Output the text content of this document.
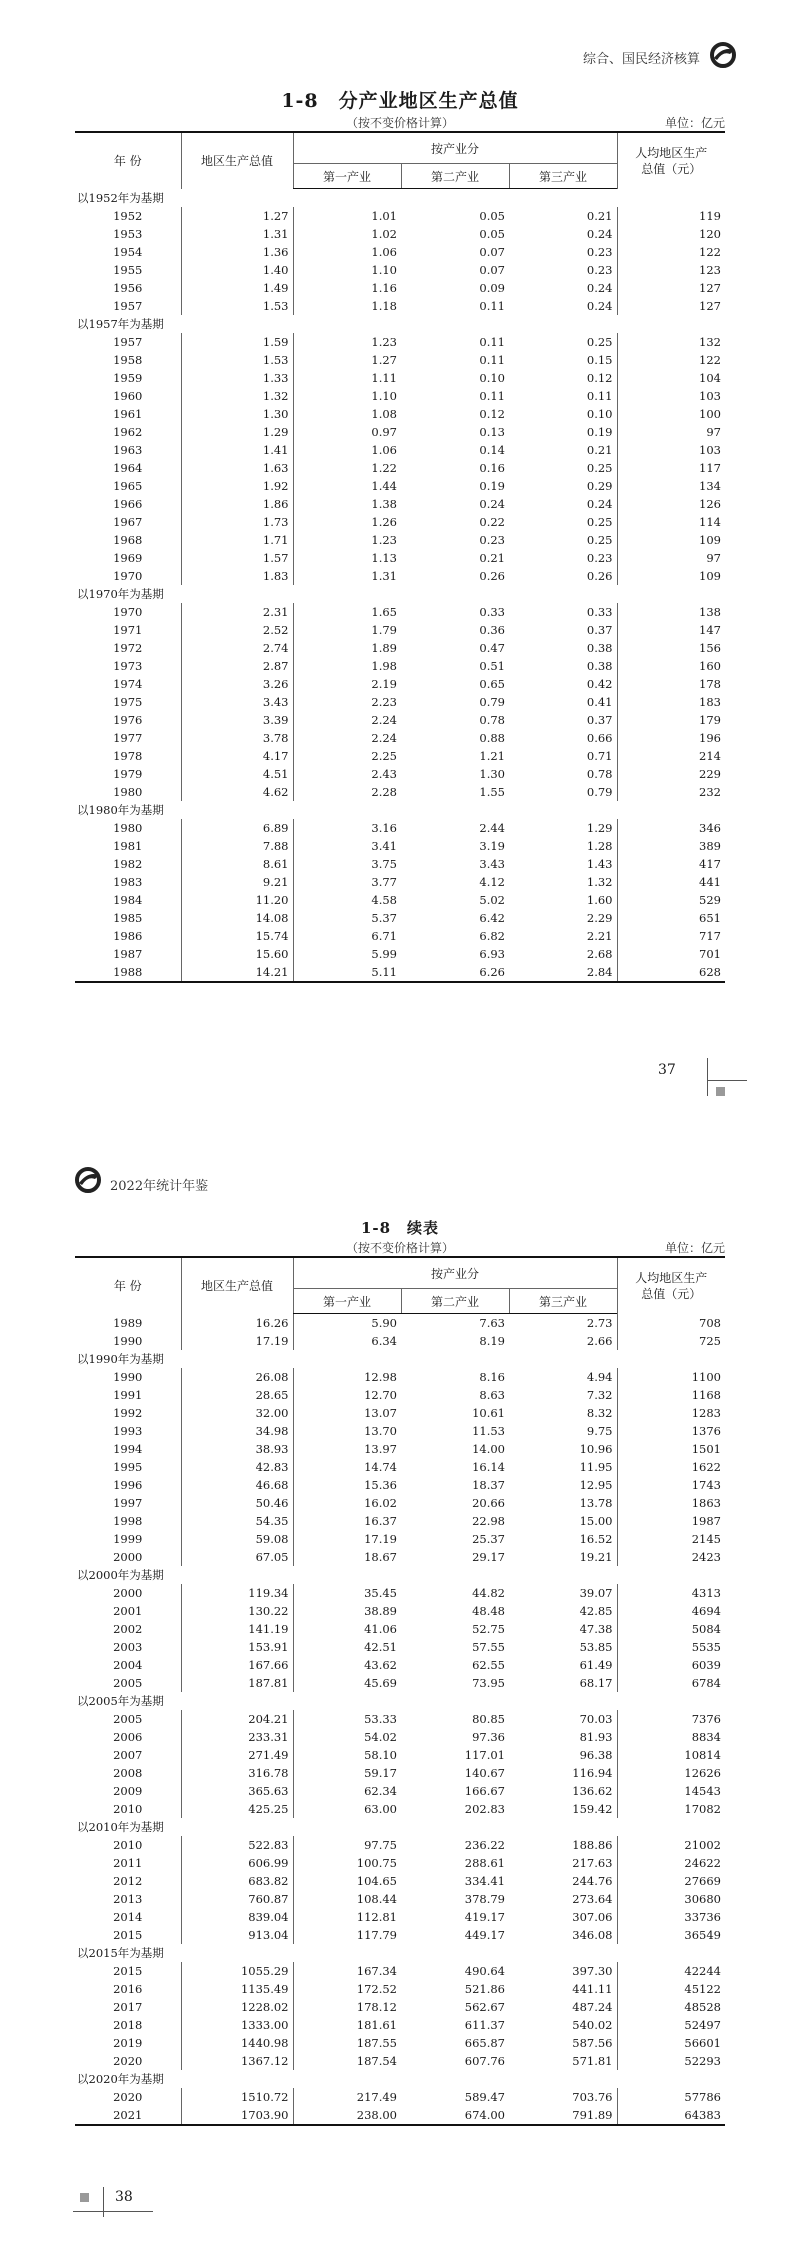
综合、国民经济核算
1-8　分产业地区生产总值
（按不变价格计算）	单位：亿元
年 份	地区生产总值	按产业分			人均地区生产总值（元）

		第一产业	第二产业	第三产业	
以1952年为基期					
1952	1.27	1.01	0.05	0.21	119
1953	1.31	1.02	0.05	0.24	120
1954	1.36	1.06	0.07	0.23	122
1955	1.40	1.10	0.07	0.23	123
1956	1.49	1.16	0.09	0.24	127
1957	1.53	1.18	0.11	0.24	127
以1957年为基期					
1957	1.59	1.23	0.11	0.25	132
1958	1.53	1.27	0.11	0.15	122
1959	1.33	1.11	0.10	0.12	104
1960	1.32	1.10	0.11	0.11	103
1961	1.30	1.08	0.12	0.10	100
1962	1.29	0.97	0.13	0.19	97
1963	1.41	1.06	0.14	0.21	103
1964	1.63	1.22	0.16	0.25	117
1965	1.92	1.44	0.19	0.29	134
1966	1.86	1.38	0.24	0.24	126
1967	1.73	1.26	0.22	0.25	114
1968	1.71	1.23	0.23	0.25	109
1969	1.57	1.13	0.21	0.23	97
1970	1.83	1.31	0.26	0.26	109
以1970年为基期					
1970	2.31	1.65	0.33	0.33	138
1971	2.52	1.79	0.36	0.37	147
1972	2.74	1.89	0.47	0.38	156
1973	2.87	1.98	0.51	0.38	160
1974	3.26	2.19	0.65	0.42	178
1975	3.43	2.23	0.79	0.41	183
1976	3.39	2.24	0.78	0.37	179
1977	3.78	2.24	0.88	0.66	196
1978	4.17	2.25	1.21	0.71	214
1979	4.51	2.43	1.30	0.78	229
1980	4.62	2.28	1.55	0.79	232
以1980年为基期					
1980	6.89	3.16	2.44	1.29	346
1981	7.88	3.41	3.19	1.28	389
1982	8.61	3.75	3.43	1.43	417
1983	9.21	3.77	4.12	1.32	441
1984	11.20	4.58	5.02	1.60	529
1985	14.08	5.37	6.42	2.29	651
1986	15.74	6.71	6.82	2.21	717
1987	15.60	5.99	6.93	2.68	701
1988	14.21	5.11	6.26	2.84	628
37
2022年统计年鉴
1-8　续表
（按不变价格计算）	单位：亿元
年 份	地区生产总值	按产业分			人均地区生产总值（元）

		第一产业	第二产业	第三产业	
1989	16.26	5.90	7.63	2.73	708
1990	17.19	6.34	8.19	2.66	725
以1990年为基期					
1990	26.08	12.98	8.16	4.94	1100
1991	28.65	12.70	8.63	7.32	1168
1992	32.00	13.07	10.61	8.32	1283
1993	34.98	13.70	11.53	9.75	1376
1994	38.93	13.97	14.00	10.96	1501
1995	42.83	14.74	16.14	11.95	1622
1996	46.68	15.36	18.37	12.95	1743
1997	50.46	16.02	20.66	13.78	1863
1998	54.35	16.37	22.98	15.00	1987
1999	59.08	17.19	25.37	16.52	2145
2000	67.05	18.67	29.17	19.21	2423
以2000年为基期					
2000	119.34	35.45	44.82	39.07	4313
2001	130.22	38.89	48.48	42.85	4694
2002	141.19	41.06	52.75	47.38	5084
2003	153.91	42.51	57.55	53.85	5535
2004	167.66	43.62	62.55	61.49	6039
2005	187.81	45.69	73.95	68.17	6784
以2005年为基期					
2005	204.21	53.33	80.85	70.03	7376
2006	233.31	54.02	97.36	81.93	8834
2007	271.49	58.10	117.01	96.38	10814
2008	316.78	59.17	140.67	116.94	12626
2009	365.63	62.34	166.67	136.62	14543
2010	425.25	63.00	202.83	159.42	17082
以2010年为基期					
2010	522.83	97.75	236.22	188.86	21002
2011	606.99	100.75	288.61	217.63	24622
2012	683.82	104.65	334.41	244.76	27669
2013	760.87	108.44	378.79	273.64	30680
2014	839.04	112.81	419.17	307.06	33736
2015	913.04	117.79	449.17	346.08	36549
以2015年为基期					
2015	1055.29	167.34	490.64	397.30	42244
2016	1135.49	172.52	521.86	441.11	45122
2017	1228.02	178.12	562.67	487.24	48528
2018	1333.00	181.61	611.37	540.02	52497
2019	1440.98	187.55	665.87	587.56	56601
2020	1367.12	187.54	607.76	571.81	52293
以2020年为基期					
2020	1510.72	217.49	589.47	703.76	57786
2021	1703.90	238.00	674.00	791.89	64383
38
